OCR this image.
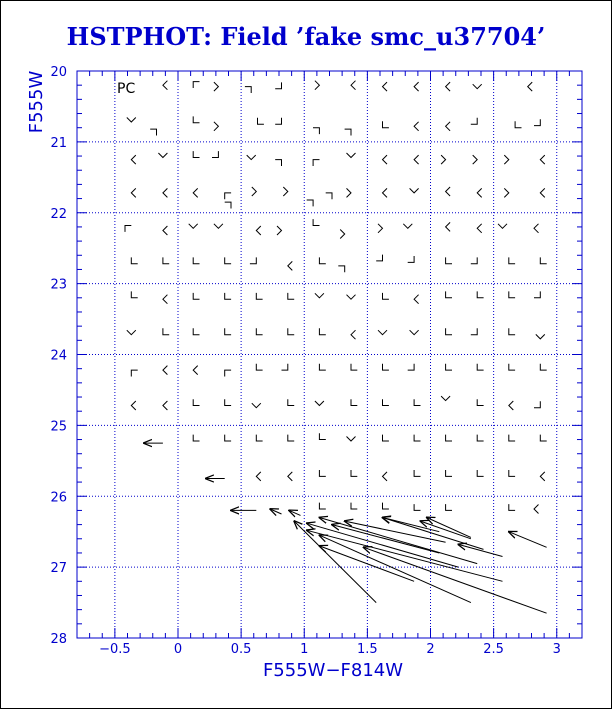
HSTPHOT: Field ’fake smc_u37704’
−0.5	0	0.5	1	1.5	2	2.5	3
20
21
22
23
24
25
26
27
28
F555W−F814W
F555W	PC
